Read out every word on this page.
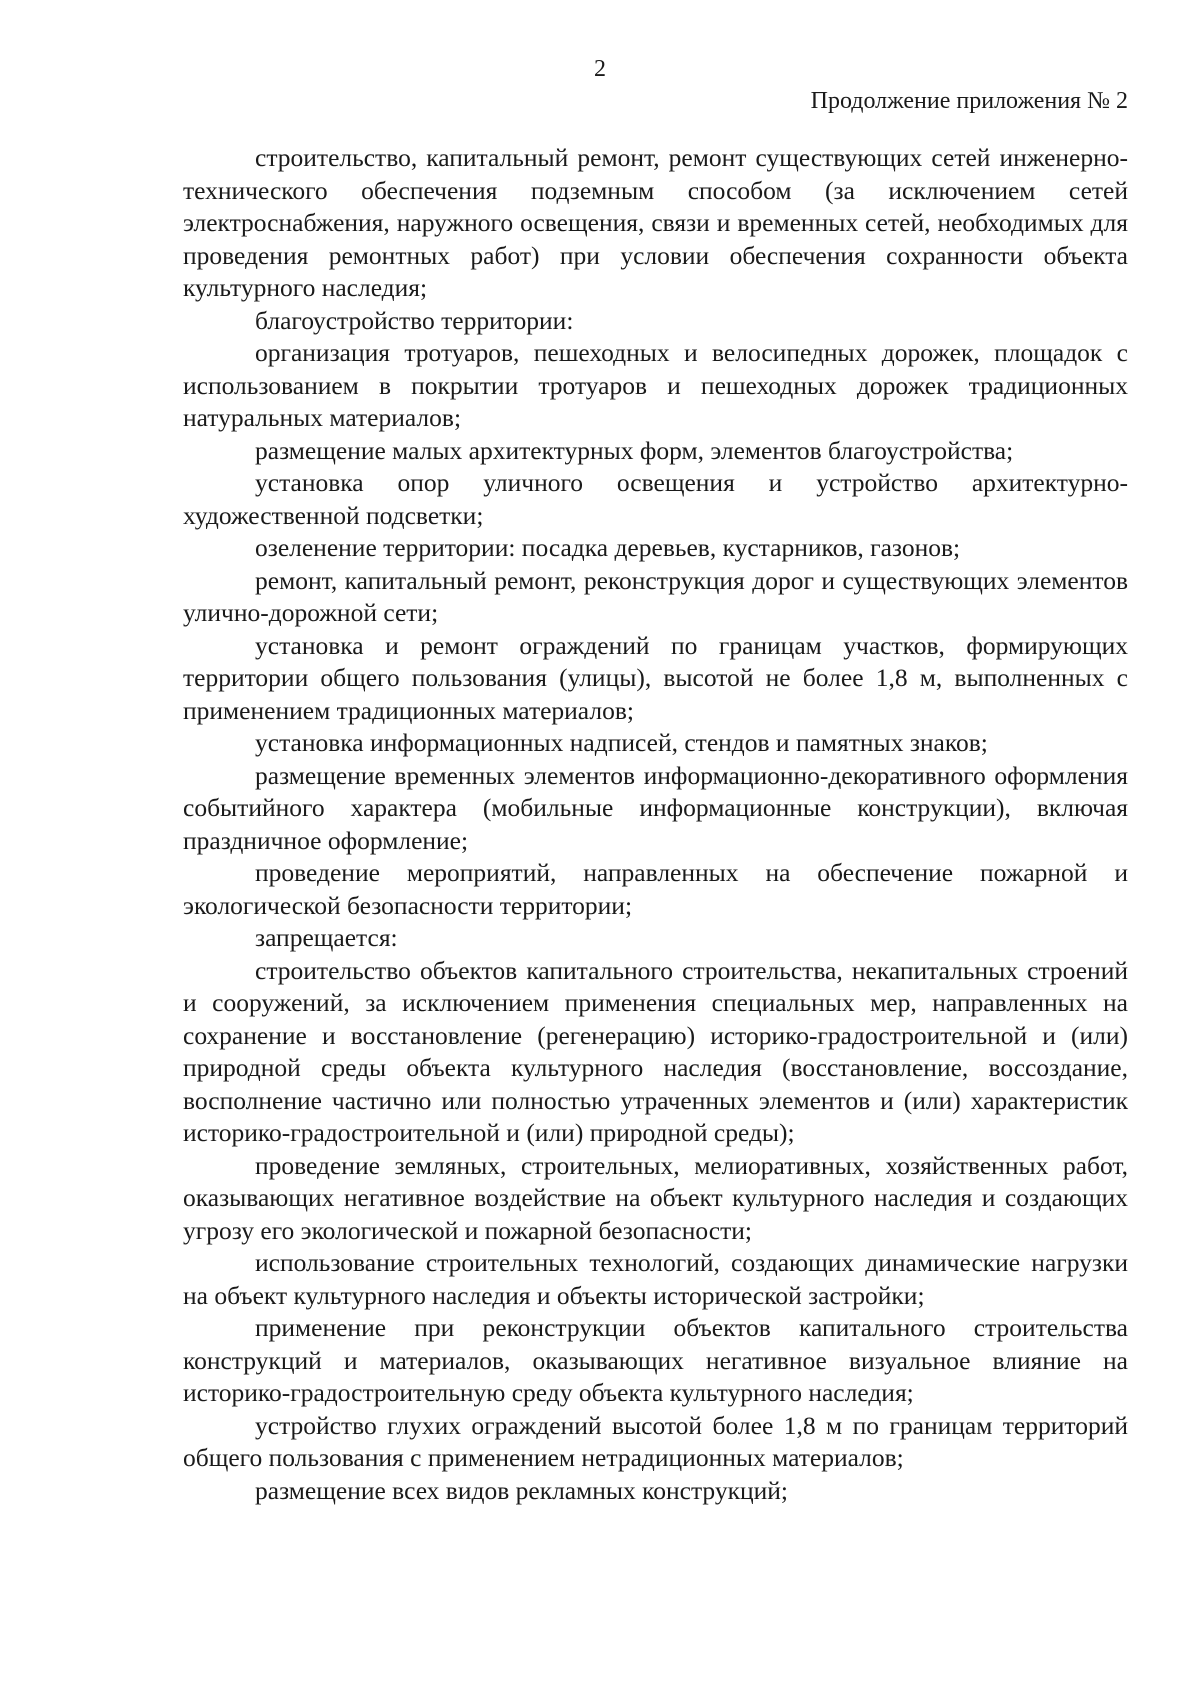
2
Продолжение приложения № 2

строительство, капитальный ремонт, ремонт существующих сетей инженерно-технического обеспечения подземным способом (за исключением сетей электроснабжения, наружного освещения, связи и временных сетей, необходимых для проведения ремонтных работ) при условии обеспечения сохранности объекта культурного наследия;

благоустройство территории:

организация тротуаров, пешеходных и велосипедных дорожек, площадок с использованием в покрытии тротуаров и пешеходных дорожек традиционных натуральных материалов;

размещение малых архитектурных форм, элементов благоустройства;

установка опор уличного освещения и устройство архитектурно-художественной подсветки;

озеленение территории: посадка деревьев, кустарников, газонов;

ремонт, капитальный ремонт, реконструкция дорог и существующих элементов улично-дорожной сети;

установка и ремонт ограждений по границам участков, формирующих территории общего пользования (улицы), высотой не более 1,8 м, выполненных с применением традиционных материалов;

установка информационных надписей, стендов и памятных знаков;

размещение временных элементов информационно-декоративного оформления событийного характера (мобильные информационные конструкции), включая праздничное оформление;

проведение мероприятий, направленных на обеспечение пожарной и экологической безопасности территории;

запрещается:

строительство объектов капитального строительства, некапитальных строений и сооружений, за исключением применения специальных мер, направленных на сохранение и восстановление (регенерацию) историко-градостроительной и (или) природной среды объекта культурного наследия (восстановление, воссоздание, восполнение частично или полностью утраченных элементов и (или) характеристик историко-градостроительной и (или) природной среды);

проведение земляных, строительных, мелиоративных, хозяйственных работ, оказывающих негативное воздействие на объект культурного наследия и создающих угрозу его экологической и пожарной безопасности;

использование строительных технологий, создающих динамические нагрузки на объект культурного наследия и объекты исторической застройки;

применение при реконструкции объектов капитального строительства конструкций и материалов, оказывающих негативное визуальное влияние на историко-градостроительную среду объекта культурного наследия;

устройство глухих ограждений высотой более 1,8 м по границам территорий общего пользования с применением нетрадиционных материалов;

размещение всех видов рекламных конструкций;
